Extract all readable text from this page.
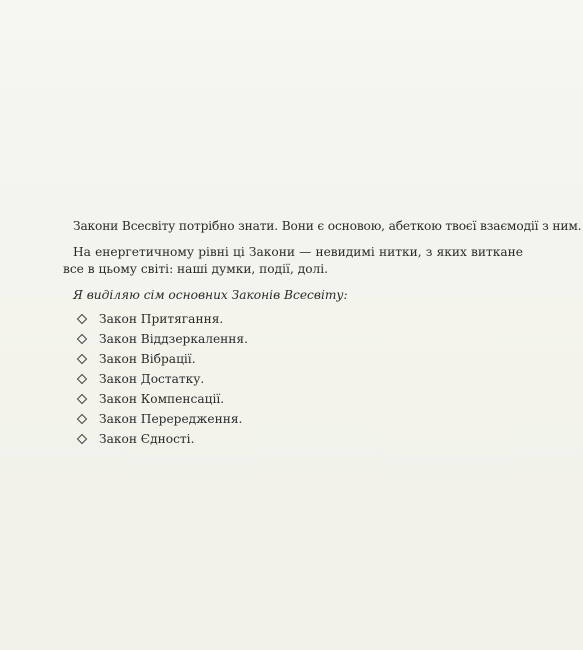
Закони Всесвіту потрібно знати. Вони є основою, абеткою твоєї взаємодії з ним.

На енергетичному рівні ці Закони — невидимі нитки, з яких виткане все в цьому світі: наші думки, події, долі.

Я виділяю сім основних Законів Всесвіту:

Закон Притягання.
Закон Віддзеркалення.
Закон Вібрації.
Закон Достатку.
Закон Компенсації.
Закон Перередження.
Закон Єдності.
